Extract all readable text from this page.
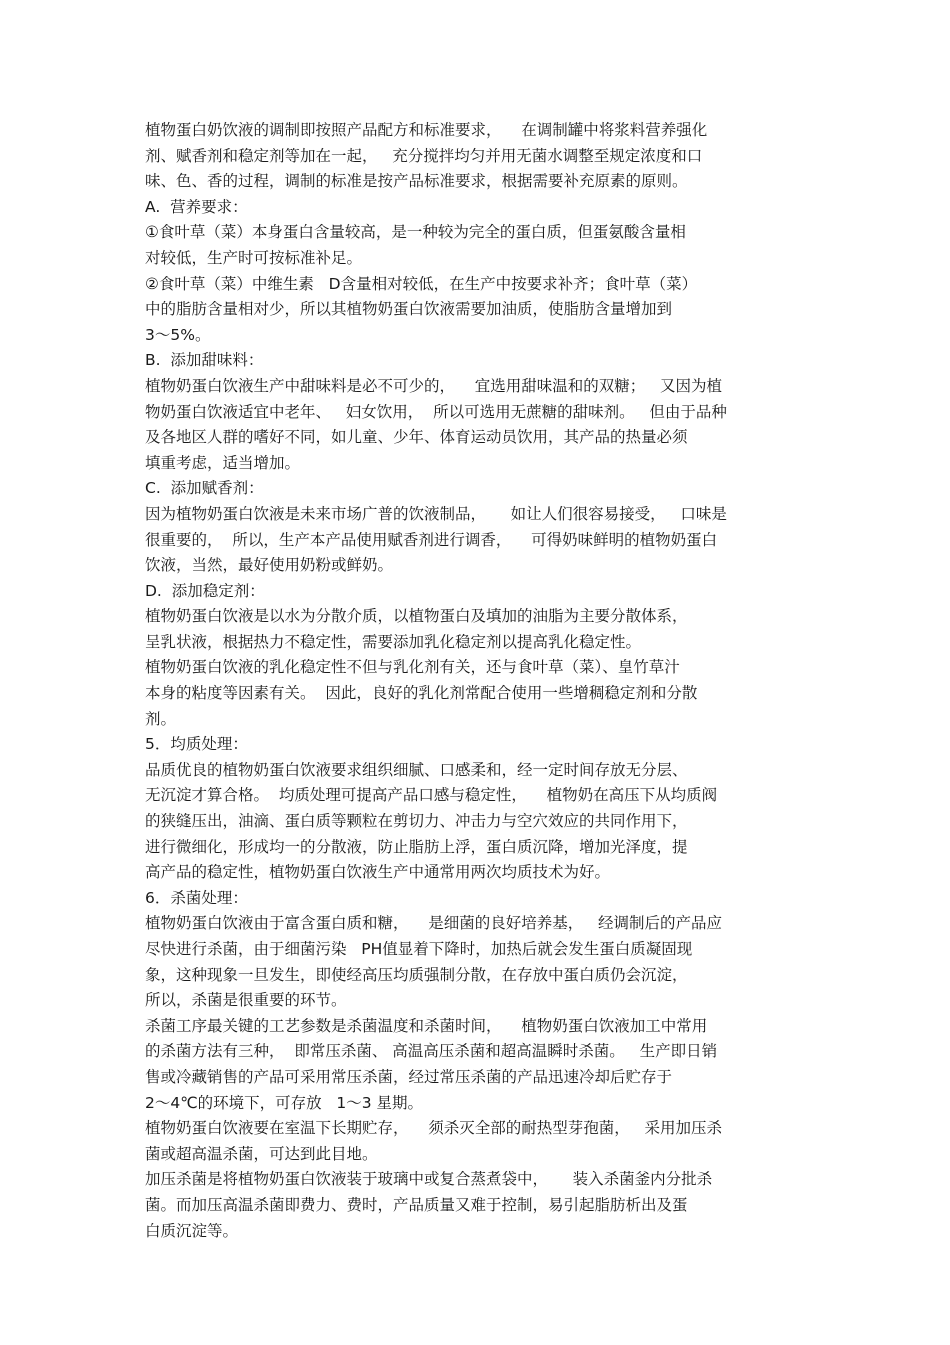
植物蛋白奶饮液的调制即按照产品配方和标准要求，    在调制罐中将浆料营养强化
剂、赋香剂和稳定剂等加在一起，   充分搅拌均匀并用无菌水调整至规定浓度和口
味、色、香的过程，调制的标准是按产品标准要求，根据需要补充原素的原则。
A.  营养要求：
①食叶草（菜）本身蛋白含量较高，是一种较为完全的蛋白质，但蛋氨酸含量相
对较低，生产时可按标准补足。
②食叶草（菜）中维生素   D含量相对较低，在生产中按要求补齐；食叶草（菜）
中的脂肪含量相对少，所以其植物奶蛋白饮液需要加油质，使脂肪含量增加到
3～5%。
B.  添加甜味料：
植物奶蛋白饮液生产中甜味料是必不可少的，    宜选用甜味温和的双糖；   又因为植
物奶蛋白饮液适宜中老年、   妇女饮用，  所以可选用无蔗糖的甜味剂。   但由于品种
及各地区人群的嗜好不同，如儿童、少年、体育运动员饮用，其产品的热量必须
填重考虑，适当增加。
C.  添加赋香剂：
因为植物奶蛋白饮液是未来市场广普的饮液制品，     如让人们很容易接受，   口味是
很重要的，  所以，生产本产品使用赋香剂进行调香，    可得奶味鲜明的植物奶蛋白
饮液，当然，最好使用奶粉或鲜奶。
D.  添加稳定剂：
植物奶蛋白饮液是以水为分散介质，以植物蛋白及填加的油脂为主要分散体系，
呈乳状液，根据热力不稳定性，需要添加乳化稳定剂以提高乳化稳定性。
植物奶蛋白饮液的乳化稳定性不但与乳化剂有关，还与食叶草（菜）、皇竹草汁
本身的粘度等因素有关。  因此，良好的乳化剂常配合使用一些增稠稳定剂和分散
剂。
5．均质处理：
品质优良的植物奶蛋白饮液要求组织细腻、口感柔和，经一定时间存放无分层、
无沉淀才算合格。  均质处理可提高产品口感与稳定性，    植物奶在高压下从均质阀
的狭缝压出，油滴、蛋白质等颗粒在剪切力、冲击力与空穴效应的共同作用下，
进行微细化，形成均一的分散液，防止脂肪上浮，蛋白质沉降，增加光泽度，提
高产品的稳定性，植物奶蛋白饮液生产中通常用两次均质技术为好。
6．杀菌处理：
植物奶蛋白饮液由于富含蛋白质和糖，    是细菌的良好培养基，   经调制后的产品应
尽快进行杀菌，由于细菌污染   PH值显着下降时，加热后就会发生蛋白质凝固现
象，这种现象一旦发生，即使经高压均质强制分散，在存放中蛋白质仍会沉淀，
所以，杀菌是很重要的环节。
杀菌工序最关键的工艺参数是杀菌温度和杀菌时间，    植物奶蛋白饮液加工中常用
的杀菌方法有三种，  即常压杀菌、 高温高压杀菌和超高温瞬时杀菌。   生产即日销
售或冷藏销售的产品可采用常压杀菌，经过常压杀菌的产品迅速冷却后贮存于
2～4℃的环境下，可存放   1～3 星期。
植物奶蛋白饮液要在室温下长期贮存，    须杀灭全部的耐热型芽孢菌，   采用加压杀
菌或超高温杀菌，可达到此目地。
加压杀菌是将植物奶蛋白饮液装于玻璃中或复合蒸煮袋中，     装入杀菌釜内分批杀
菌。而加压高温杀菌即费力、费时，产品质量又难于控制，易引起脂肪析出及蛋
白质沉淀等。
